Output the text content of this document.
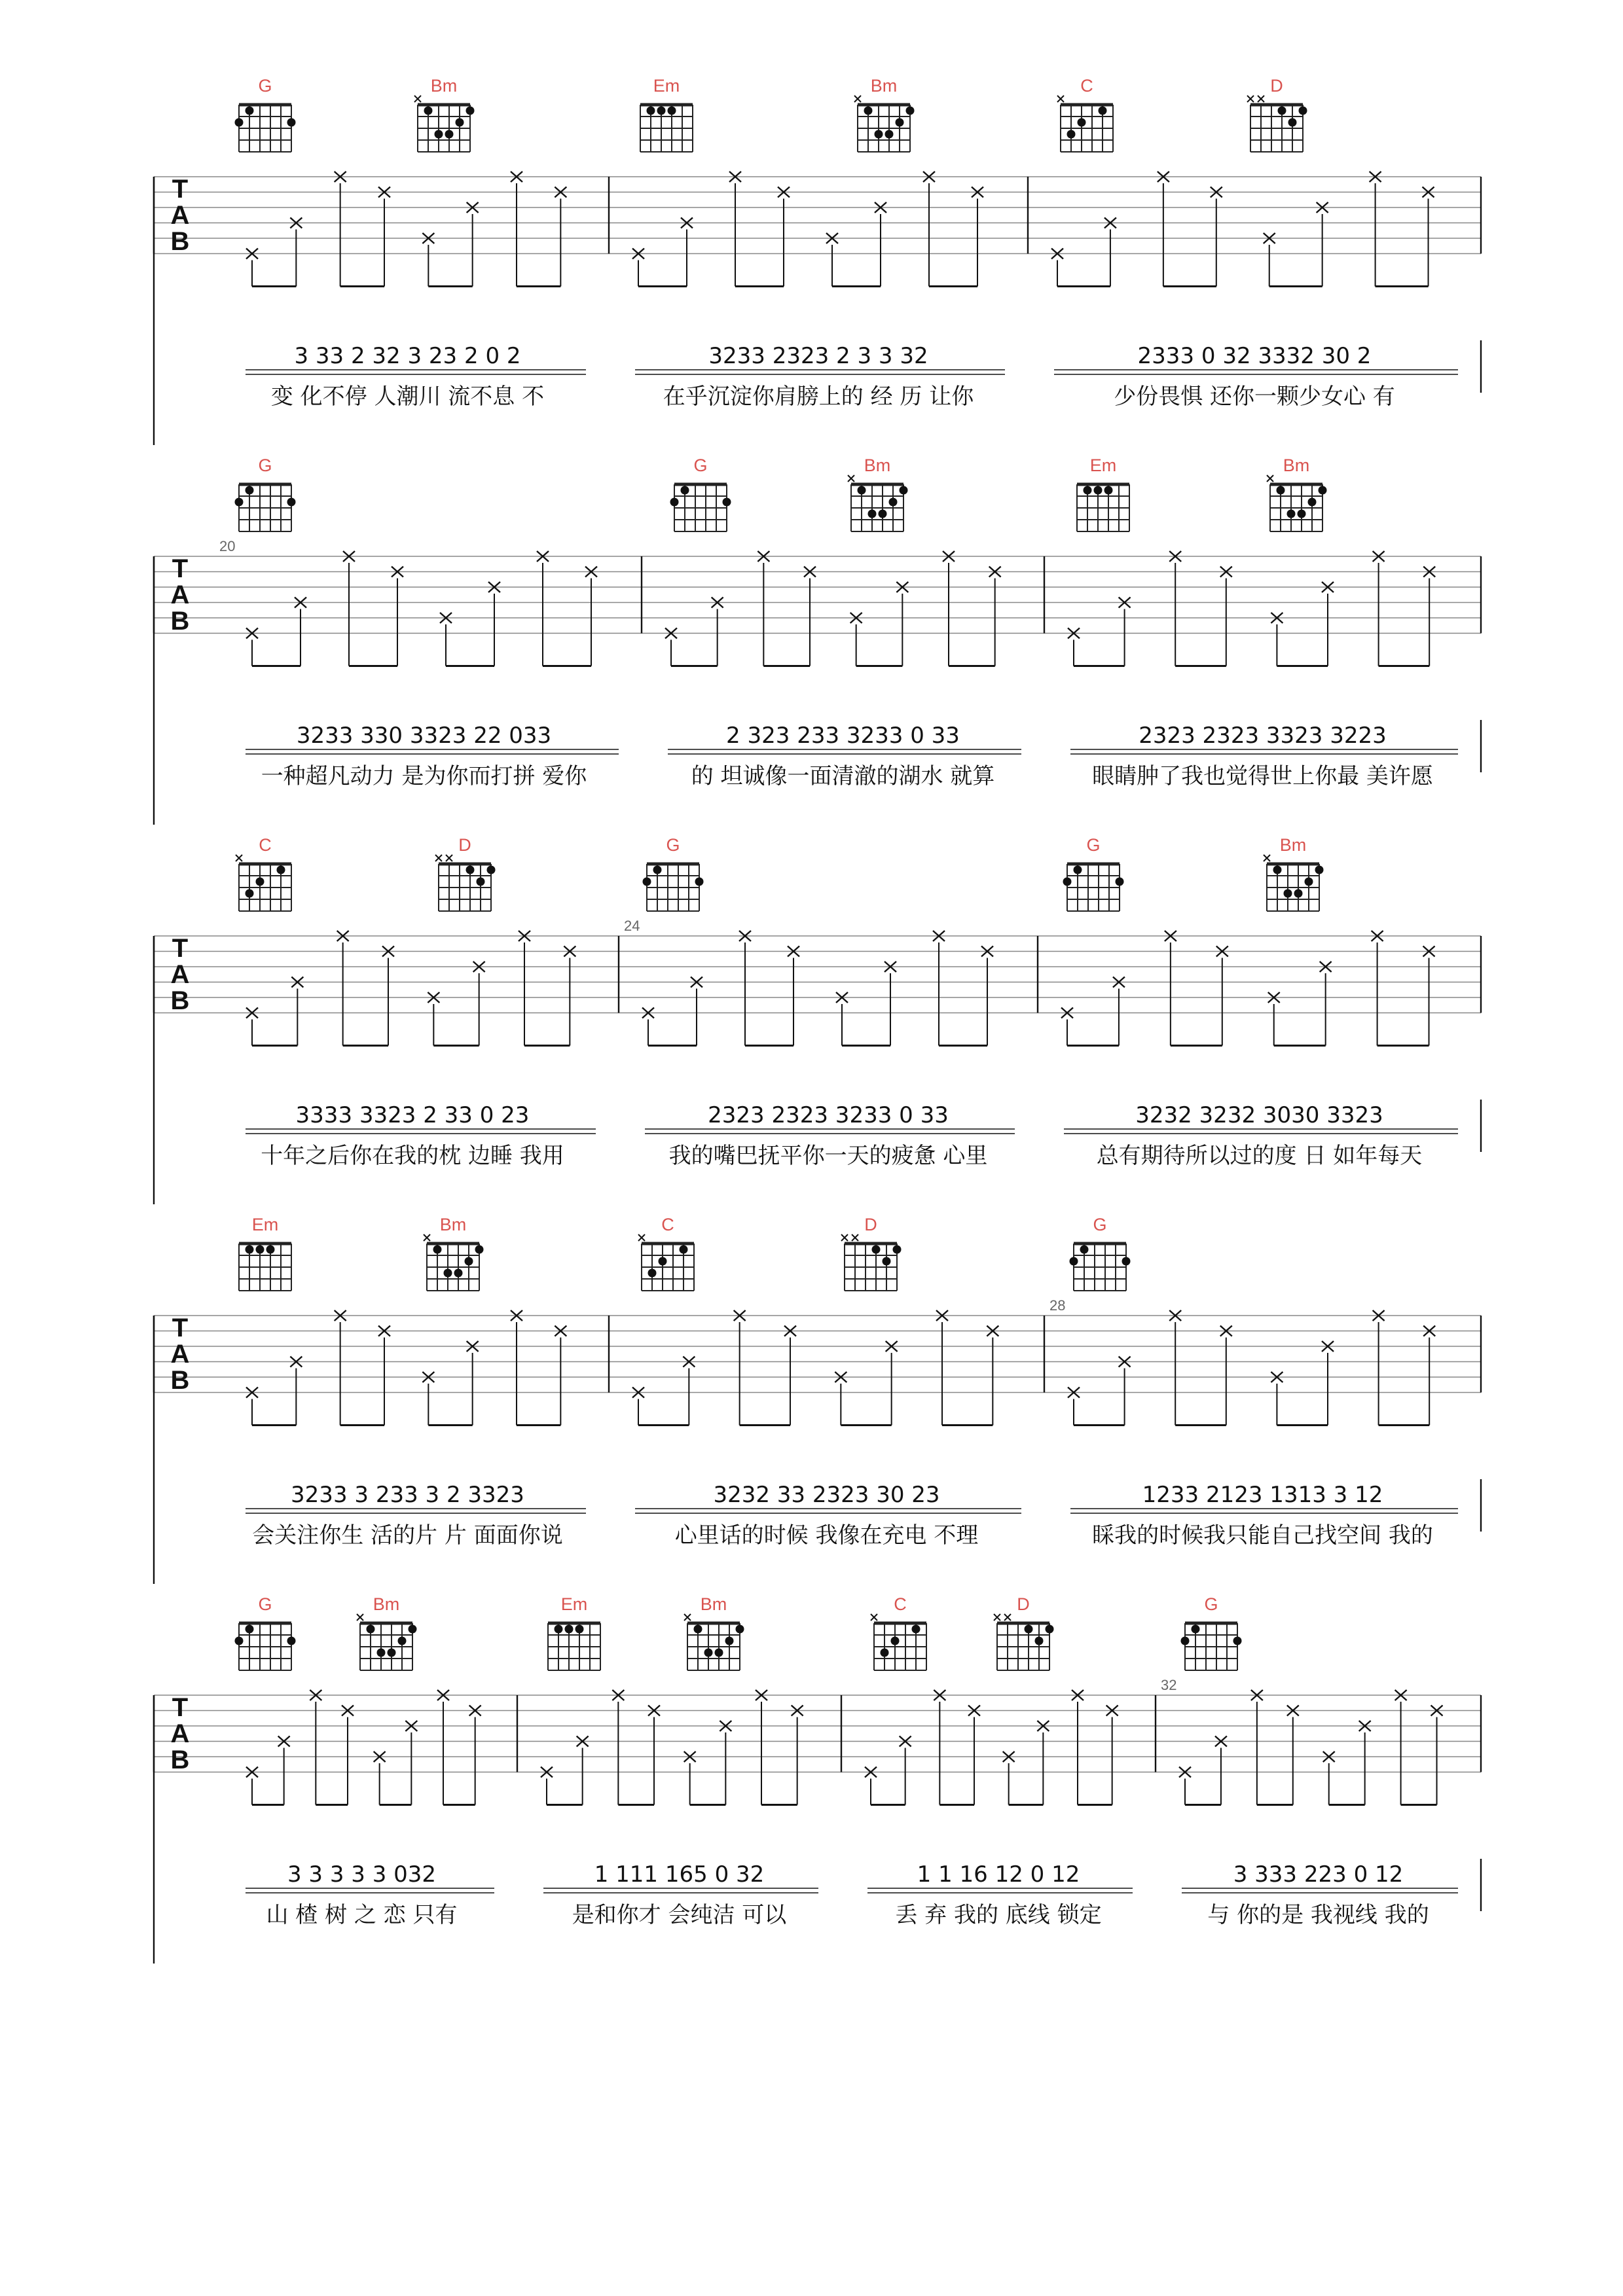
T
A
B
3 33 2 32 3 23 2 0 2
变 化不停 人潮川 流不息 不
3233 2323 2 3 3 32
在乎沉淀你肩膀上的 经 历 让你
2333 0 32 3332 30 2
少份畏惧 还你一颗少女心 有
G	Bm	Em	Bm	C	D
T
A
B
20
3233 330 3323 22 033
一种超凡动力 是为你而打拼 爱你
2 323 233 3233 0 33
的 坦诚像一面清澈的湖水 就算
2323 2323 3323 3223
眼睛肿了我也觉得世上你最 美许愿
G	G	Bm	Em	Bm
T
A
B
3333 3323 2 33 0 23
十年之后你在我的枕 边睡 我用
24
2323 2323 3233 0 33
我的嘴巴抚平你一天的疲惫 心里
3232 3232 3030 3323
总有期待所以过的度 日 如年每天
C	D	G	G	Bm
T
A
B
3233 3 233 3 2 3323
会关注你生 活的片 片 面面你说
3232 33 2323 30 23
心里话的时候 我像在充电 不理
28
1233 2123 1313 3 12
睬我的时候我只能自己找空间 我的
Em	Bm	C	D	G
T
A
B
3 3 3 3 3 032
山 楂 树 之 恋 只有
1 111 165 0 32
是和你才 会纯洁 可以
1 1 16 12 0 12
丢 弃 我的 底线 锁定
32
3 333 223 0 12
与 你的是 我视线 我的
G	Bm	Em	Bm	C	D	G
